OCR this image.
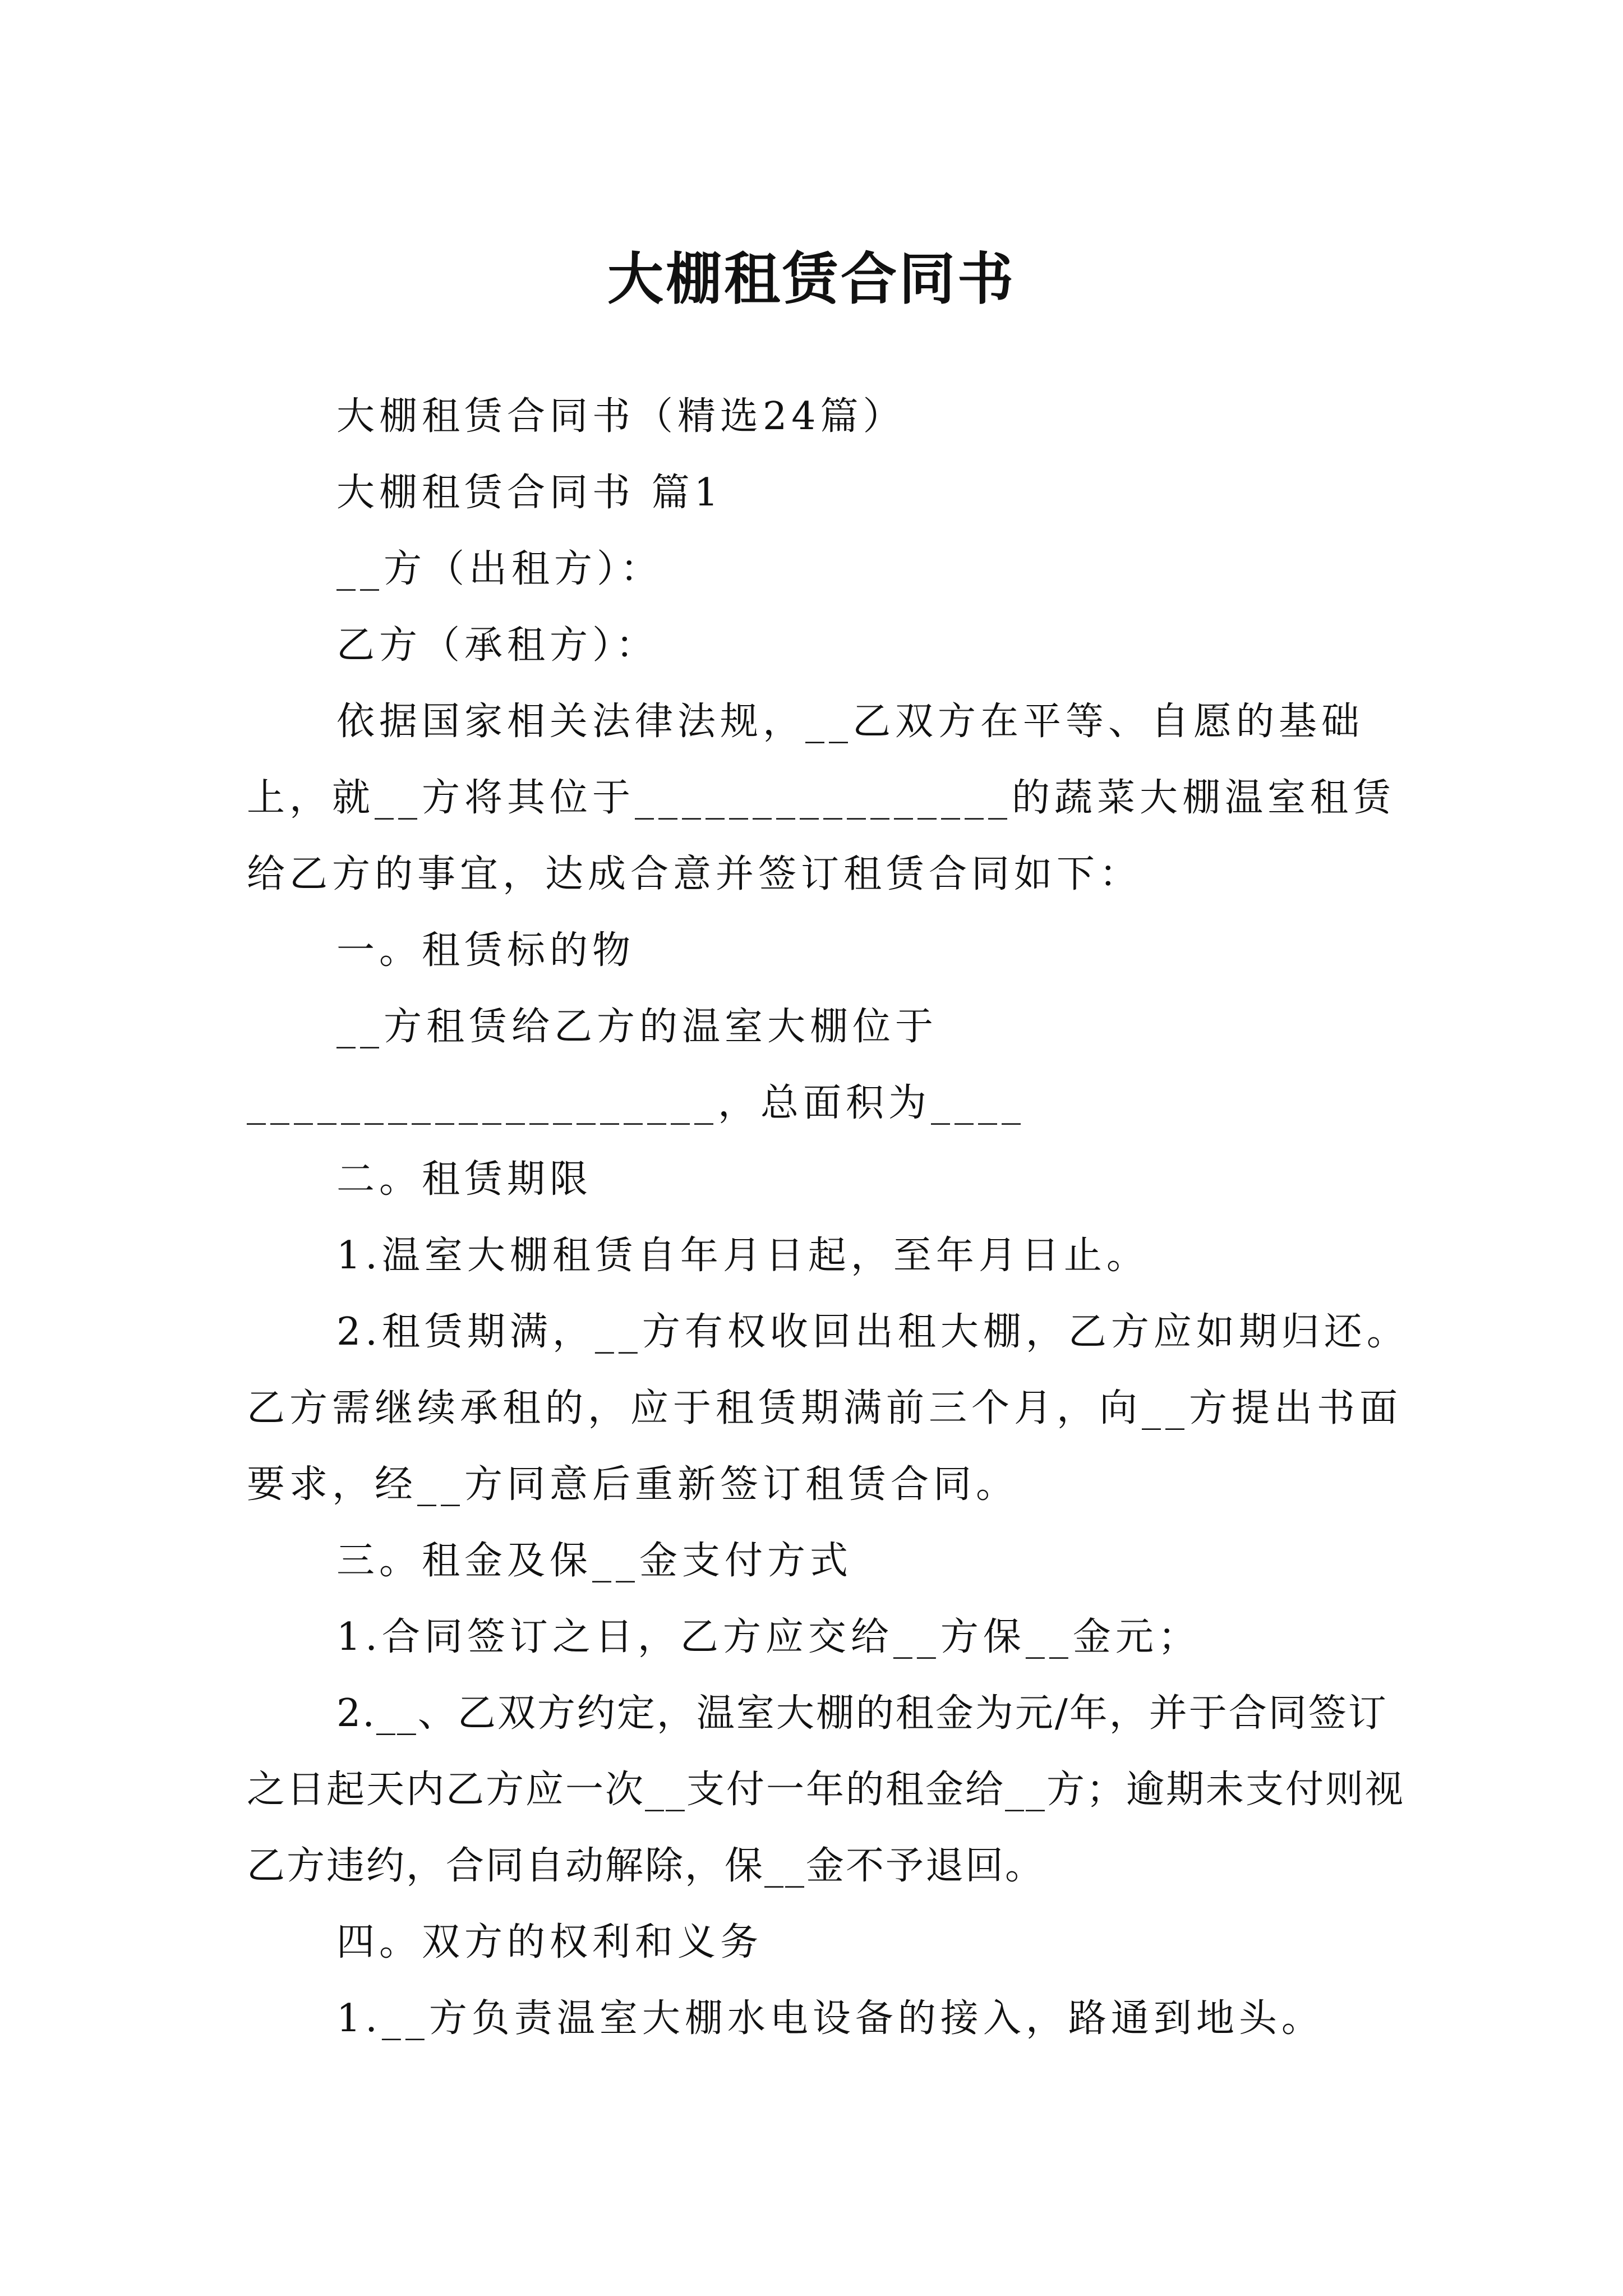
大棚租赁合同书

大棚租赁合同书（精选24篇）

大棚租赁合同书 篇1

__方（出租方）：

乙方（承租方）：

依据国家相关法律法规，__乙双方在平等、自愿的基础上，就__方将其位于________________的蔬菜大棚温室租赁给乙方的事宜，达成合意并签订租赁合同如下：

一。租赁标的物

__方租赁给乙方的温室大棚位于____________________，总面积为____

二。租赁期限

1.温室大棚租赁自年月日起，至年月日止。

2.租赁期满，__方有权收回出租大棚，乙方应如期归还。乙方需继续承租的，应于租赁期满前三个月，向__方提出书面要求，经__方同意后重新签订租赁合同。

三。租金及保__金支付方式

1.合同签订之日，乙方应交给__方保__金元；

2.__、乙双方约定，温室大棚的租金为元/年，并于合同签订之日起天内乙方应一次__支付一年的租金给__方；逾期未支付则视乙方违约，合同自动解除，保__金不予退回。

四。双方的权利和义务

1.__方负责温室大棚水电设备的接入，路通到地头。
